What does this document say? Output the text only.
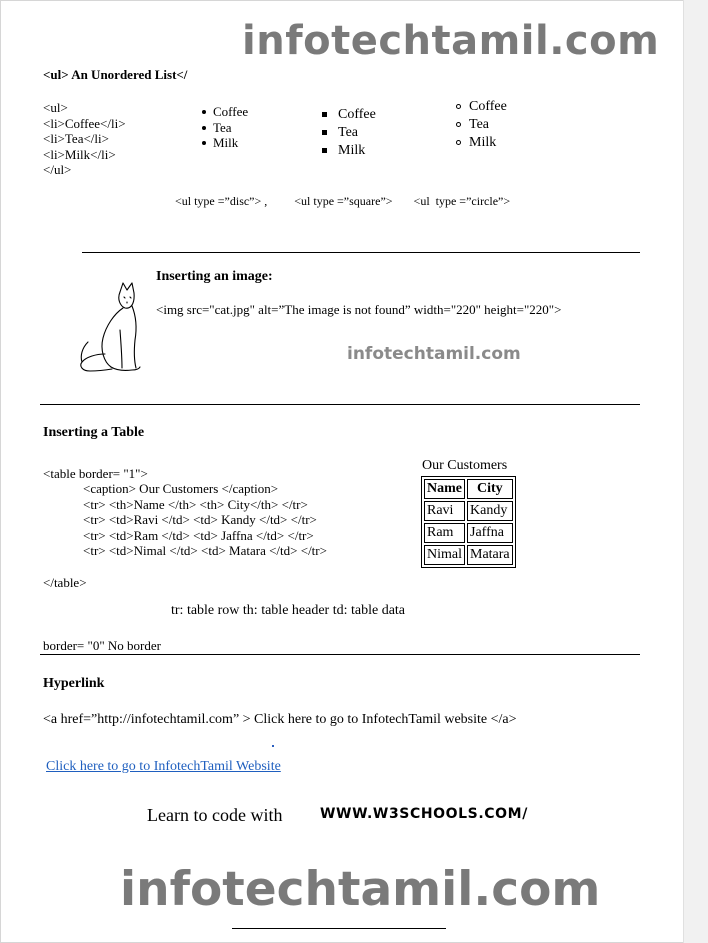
infotechtamil.com
<ul> An Unordered List</
<ul>
<li>Coffee</li>
<li>Tea</li>
<li>Milk</li>
</ul>
Coffee
Tea
Milk
Coffee
Tea
Milk
Coffee
Tea
Milk
<ul type =”disc”> ,         <ul type =”square”>       <ul  type =”circle”>
Inserting an image:
<img src="cat.jpg" alt=”The image is not found” width="220" height="220">
infotechtamil.com
Inserting a Table
<table border= "1">
<caption> Our Customers </caption>
<tr> <th>Name </th> <th> City</th> </tr>
<tr> <td>Ravi </td> <td> Kandy </td> </tr>
<tr> <td>Ram </td> <td> Jaffna </td> </tr>
<tr> <td>Nimal </td> <td> Matara </td> </tr>
</table>
Our Customers
Name	City
Ravi	Kandy
Ram	Jaffna
Nimal	Matara
tr: table row th: table header td: table data
border= "0" No border
Hyperlink
<a href=”http://infotechtamil.com” > Click here to go to InfotechTamil website </a>
Click here to go to InfotechTamil Website
Learn to code with	WWW.W3SCHOOLS.COM/
infotechtamil.com
